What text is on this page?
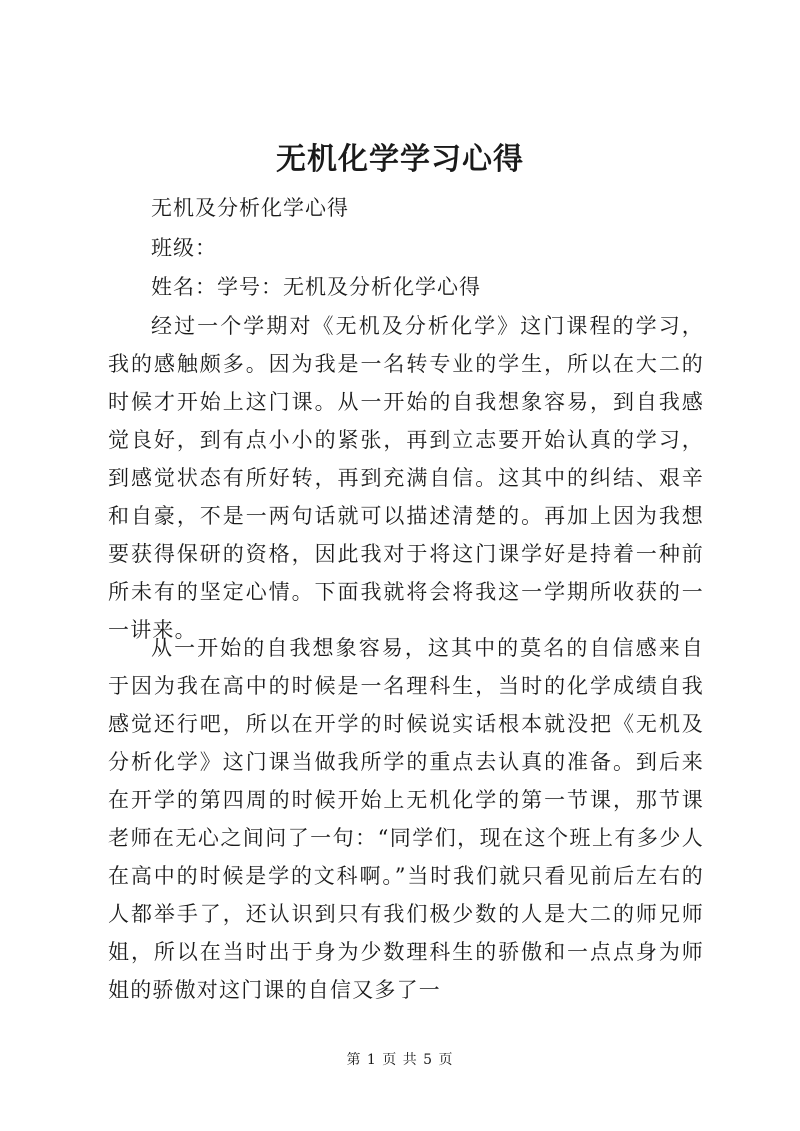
无机化学学习心得
无机及分析化学心得
班级：
姓名：学号：无机及分析化学心得

经过一个学期对《无机及分析化学》这门课程的学习，我的感触颇多。因为我是一名转专业的学生，所以在大二的时候才开始上这门课。从一开始的自我想象容易，到自我感觉良好，到有点小小的紧张，再到立志要开始认真的学习，到感觉状态有所好转，再到充满自信。这其中的纠结、艰辛和自豪，不是一两句话就可以描述清楚的。再加上因为我想要获得保研的资格，因此我对于将这门课学好是持着一种前所未有的坚定心情。下面我就将会将我这一学期所收获的一一讲来。

从一开始的自我想象容易，这其中的莫名的自信感来自于因为我在高中的时候是一名理科生，当时的化学成绩自我感觉还行吧，所以在开学的时候说实话根本就没把《无机及分析化学》这门课当做我所学的重点去认真的准备。到后来在开学的第四周的时候开始上无机化学的第一节课，那节课老师在无心之间问了一句：“同学们，现在这个班上有多少人在高中的时候是学的文科啊。”当时我们就只看见前后左右的人都举手了，还认识到只有我们极少数的人是大二的师兄师姐，所以在当时出于身为少数理科生的骄傲和一点点身为师姐的骄傲对这门课的自信又多了一

第 1 页 共 5 页
